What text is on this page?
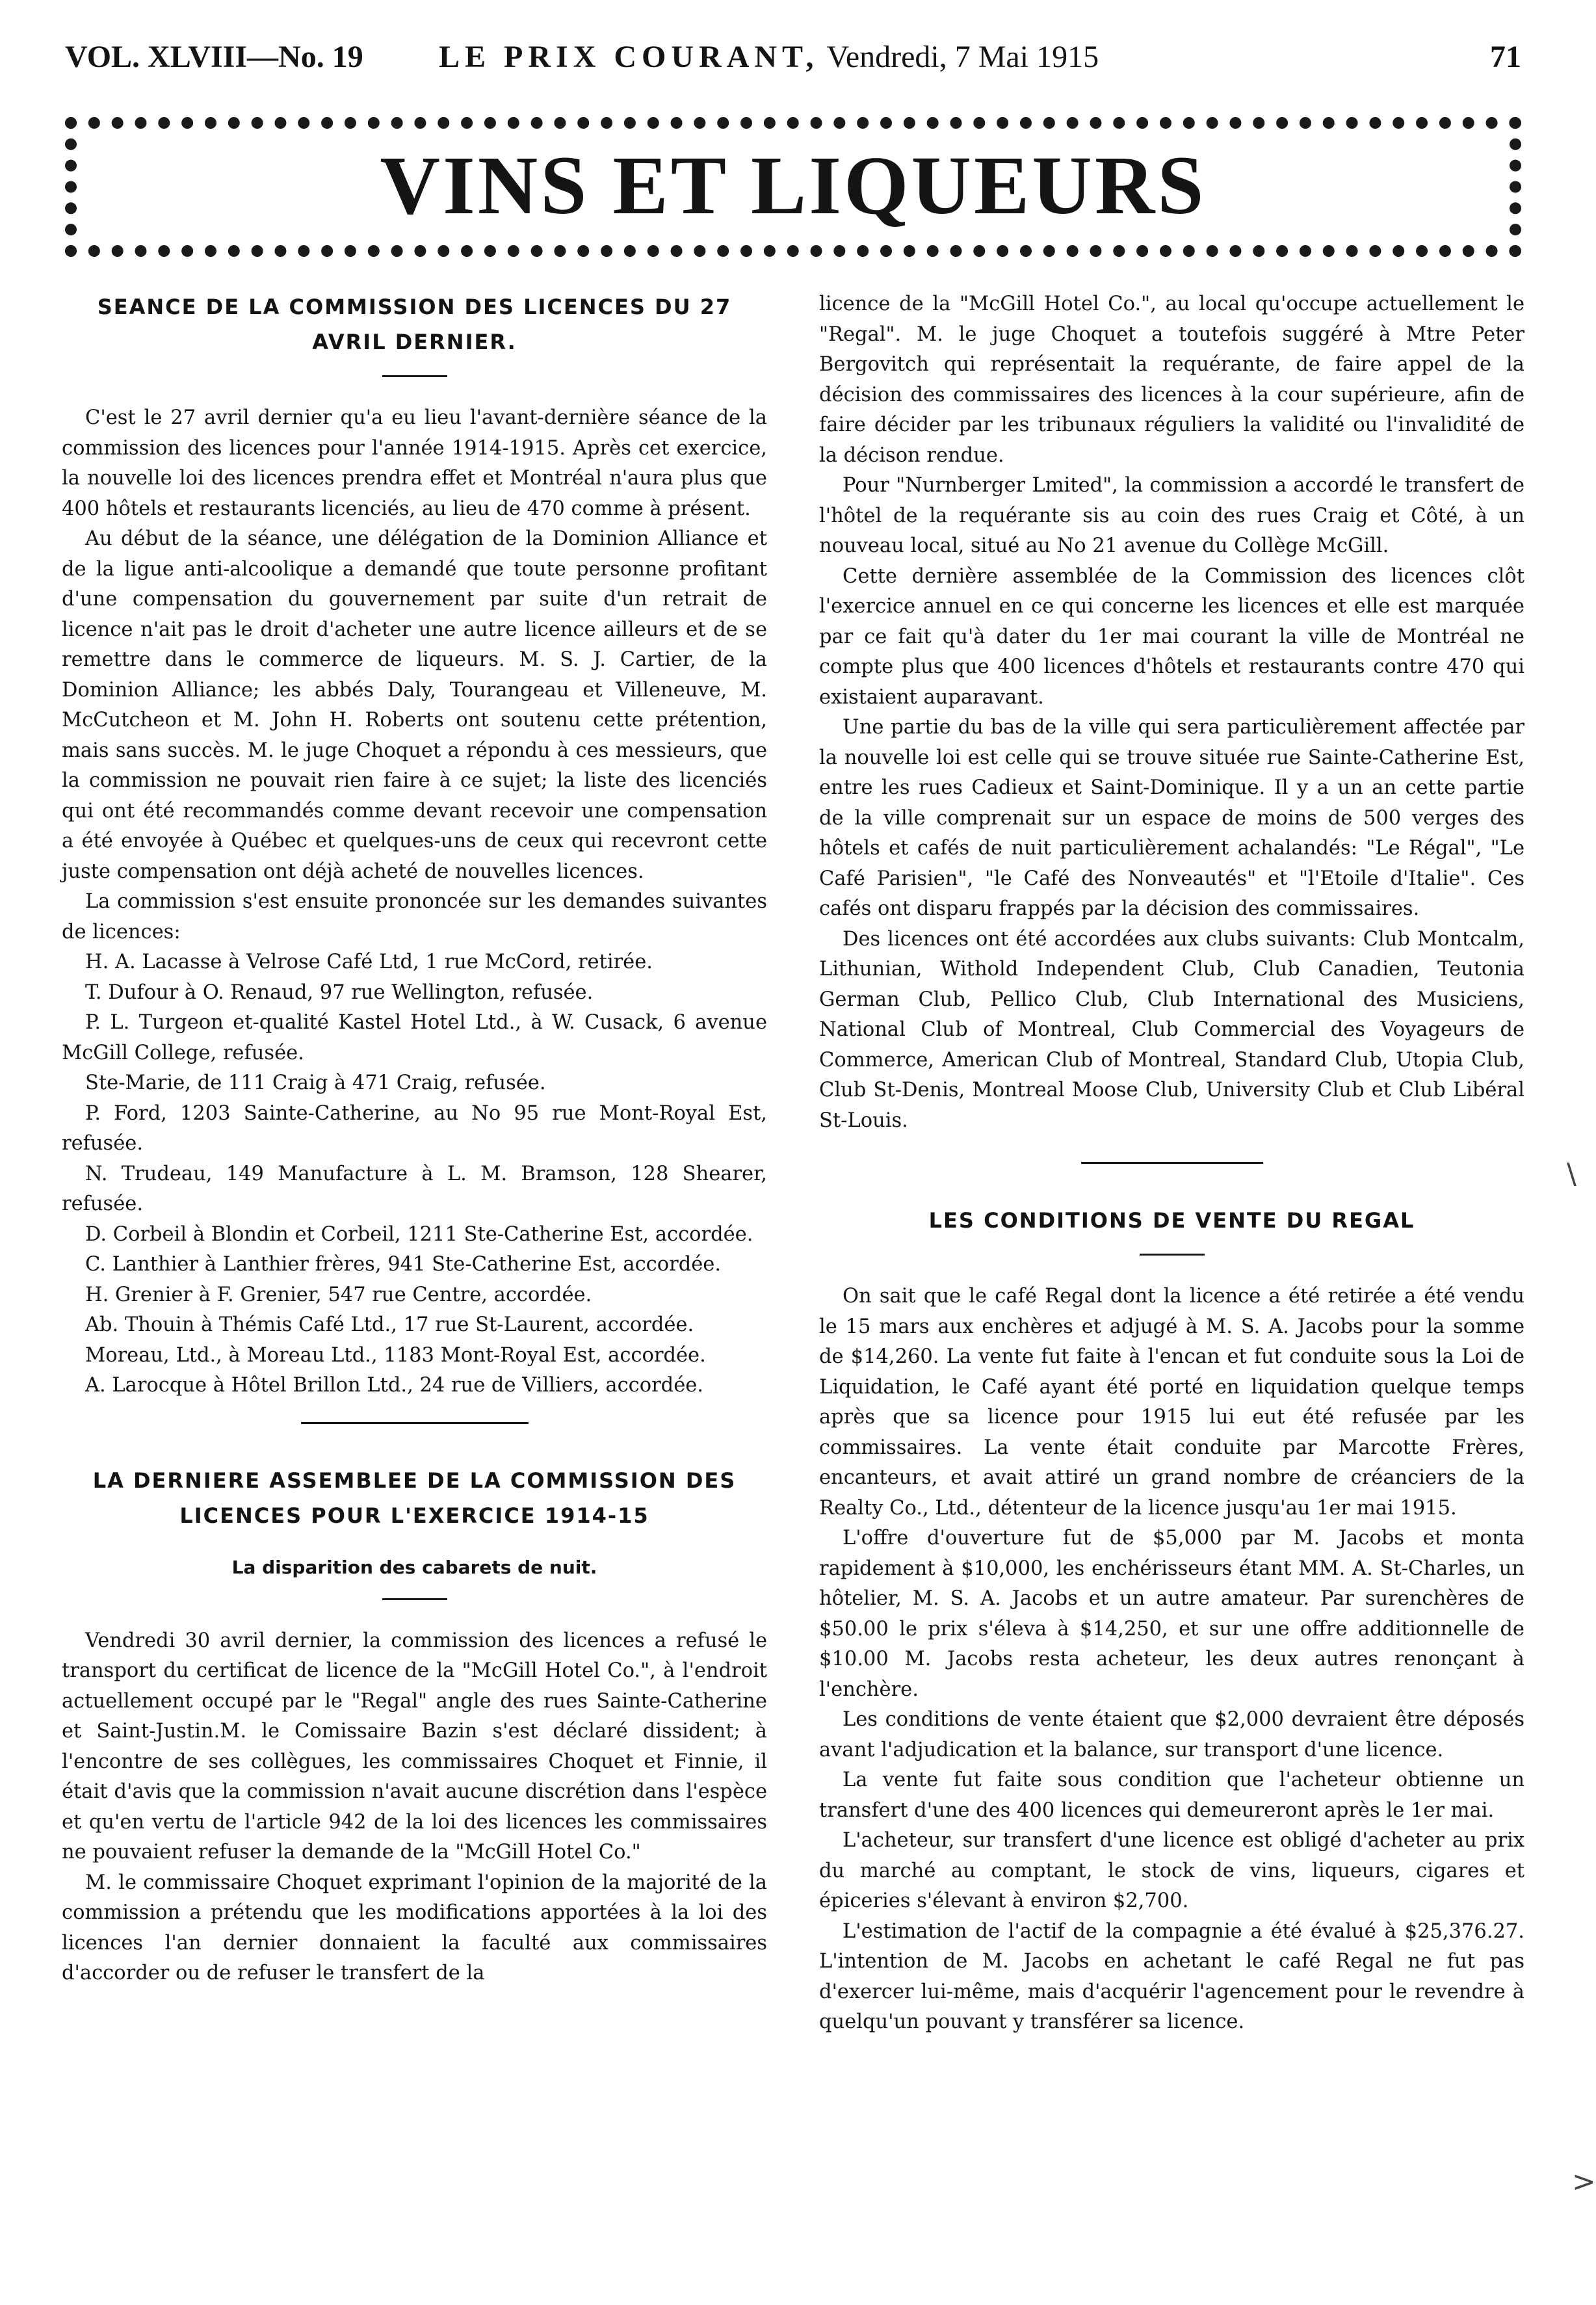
VOL. XLVIII—No. 19 LE PRIX COURANT, Vendredi, 7 Mai 1915	71
VINS ET LIQUEURS
SEANCE DE LA COMMISSION DES LICENCES DU 27 AVRIL DERNIER.

C'est le 27 avril dernier qu'a eu lieu l'avant-dernière séance de la commission des licences pour l'année 1914-1915. Après cet exercice, la nouvelle loi des licences prendra effet et Montréal n'aura plus que 400 hôtels et restaurants licenciés, au lieu de 470 comme à présent.

Au début de la séance, une délégation de la Dominion Alliance et de la ligue anti-alcoolique a demandé que toute personne profitant d'une compensation du gouvernement par suite d'un retrait de licence n'ait pas le droit d'acheter une autre licence ailleurs et de se remettre dans le commerce de liqueurs. M. S. J. Cartier, de la Dominion Alliance; les abbés Daly, Tourangeau et Villeneuve, M. McCutcheon et M. John H. Roberts ont soutenu cette prétention, mais sans succès. M. le juge Choquet a répondu à ces messieurs, que la commission ne pouvait rien faire à ce sujet; la liste des licenciés qui ont été recommandés comme devant recevoir une compensation a été envoyée à Québec et quelques-uns de ceux qui recevront cette juste compensation ont déjà acheté de nouvelles licences.

La commission s'est ensuite prononcée sur les demandes suivantes de licences:

H. A. Lacasse à Velrose Café Ltd, 1 rue McCord, retirée.

T. Dufour à O. Renaud, 97 rue Wellington, refusée.

P. L. Turgeon et-qualité Kastel Hotel Ltd., à W. Cusack, 6 avenue McGill College, refusée.

Ste-Marie, de 111 Craig à 471 Craig, refusée.

P. Ford, 1203 Sainte-Catherine, au No 95 rue Mont-Royal Est, refusée.

N. Trudeau, 149 Manufacture à L. M. Bramson, 128 Shearer, refusée.

D. Corbeil à Blondin et Corbeil, 1211 Ste-Catherine Est, accordée.

C. Lanthier à Lanthier frères, 941 Ste-Catherine Est, accordée.

H. Grenier à F. Grenier, 547 rue Centre, accordée.

Ab. Thouin à Thémis Café Ltd., 17 rue St-Laurent, accordée.

Moreau, Ltd., à Moreau Ltd., 1183 Mont-Royal Est, accordée.

A. Larocque à Hôtel Brillon Ltd., 24 rue de Villiers, accordée.

LA DERNIERE ASSEMBLEE DE LA COMMISSION DES LICENCES POUR L'EXERCICE 1914-15
La disparition des cabarets de nuit.

Vendredi 30 avril dernier, la commission des licences a refusé le transport du certificat de licence de la "McGill Hotel Co.", à l'endroit actuellement occupé par le "Regal" angle des rues Sainte-Catherine et Saint-Justin.M. le Comissaire Bazin s'est déclaré dissident; à l'encontre de ses collègues, les commissaires Choquet et Finnie, il était d'avis que la commission n'avait aucune discrétion dans l'espèce et qu'en vertu de l'article 942 de la loi des licences les commissaires ne pouvaient refuser la demande de la "McGill Hotel Co."

M. le commissaire Choquet exprimant l'opinion de la majorité de la commission a prétendu que les modifications apportées à la loi des licences l'an dernier donnaient la faculté aux commissaires d'accorder ou de refuser le transfert de la

licence de la "McGill Hotel Co.", au local qu'occupe actuellement le "Regal". M. le juge Choquet a toutefois suggéré à Mtre Peter Bergovitch qui représentait la requérante, de faire appel de la décision des commissaires des licences à la cour supérieure, afin de faire décider par les tribunaux réguliers la validité ou l'invalidité de la décison rendue.

Pour "Nurnberger Lmited", la commission a accordé le transfert de l'hôtel de la requérante sis au coin des rues Craig et Côté, à un nouveau local, situé au No 21 avenue du Collège McGill.

Cette dernière assemblée de la Commission des licences clôt l'exercice annuel en ce qui concerne les licences et elle est marquée par ce fait qu'à dater du 1er mai courant la ville de Montréal ne compte plus que 400 licences d'hôtels et restaurants contre 470 qui existaient auparavant.

Une partie du bas de la ville qui sera particulièrement affectée par la nouvelle loi est celle qui se trouve située rue Sainte-Catherine Est, entre les rues Cadieux et Saint-Dominique. Il y a un an cette partie de la ville comprenait sur un espace de moins de 500 verges des hôtels et cafés de nuit particulièrement achalandés: "Le Régal", "Le Café Parisien", "le Café des Nonveautés" et "l'Etoile d'Italie". Ces cafés ont disparu frappés par la décision des commissaires.

Des licences ont été accordées aux clubs suivants: Club Montcalm, Lithunian, Withold Independent Club, Club Canadien, Teutonia German Club, Pellico Club, Club International des Musiciens, National Club of Montreal, Club Commercial des Voyageurs de Commerce, American Club of Montreal, Standard Club, Utopia Club, Club St-Denis, Montreal Moose Club, University Club et Club Libéral St-Louis.

LES CONDITIONS DE VENTE DU REGAL

On sait que le café Regal dont la licence a été retirée a été vendu le 15 mars aux enchères et adjugé à M. S. A. Jacobs pour la somme de $14,260. La vente fut faite à l'encan et fut conduite sous la Loi de Liquidation, le Café ayant été porté en liquidation quelque temps après que sa licence pour 1915 lui eut été refusée par les commissaires. La vente était conduite par Marcotte Frères, encanteurs, et avait attiré un grand nombre de créanciers de la Realty Co., Ltd., détenteur de la licence jusqu'au 1er mai 1915.

L'offre d'ouverture fut de $5,000 par M. Jacobs et monta rapidement à $10,000, les enchérisseurs étant MM. A. St-Charles, un hôtelier, M. S. A. Jacobs et un autre amateur. Par surenchères de $50.00 le prix s'éleva à $14,250, et sur une offre additionnelle de $10.00 M. Jacobs resta acheteur, les deux autres renonçant à l'enchère.

Les conditions de vente étaient que $2,000 devraient être déposés avant l'adjudication et la balance, sur transport d'une licence.

La vente fut faite sous condition que l'acheteur obtienne un transfert d'une des 400 licences qui demeureront après le 1er mai.

L'acheteur, sur transfert d'une licence est obligé d'acheter au prix du marché au comptant, le stock de vins, liqueurs, cigares et épiceries s'élevant à environ $2,700.

L'estimation de l'actif de la compagnie a été évalué à $25,376.27. L'intention de M. Jacobs en achetant le café Regal ne fut pas d'exercer lui-même, mais d'acquérir l'agencement pour le revendre à quelqu'un pouvant y transférer sa licence.

\
>
